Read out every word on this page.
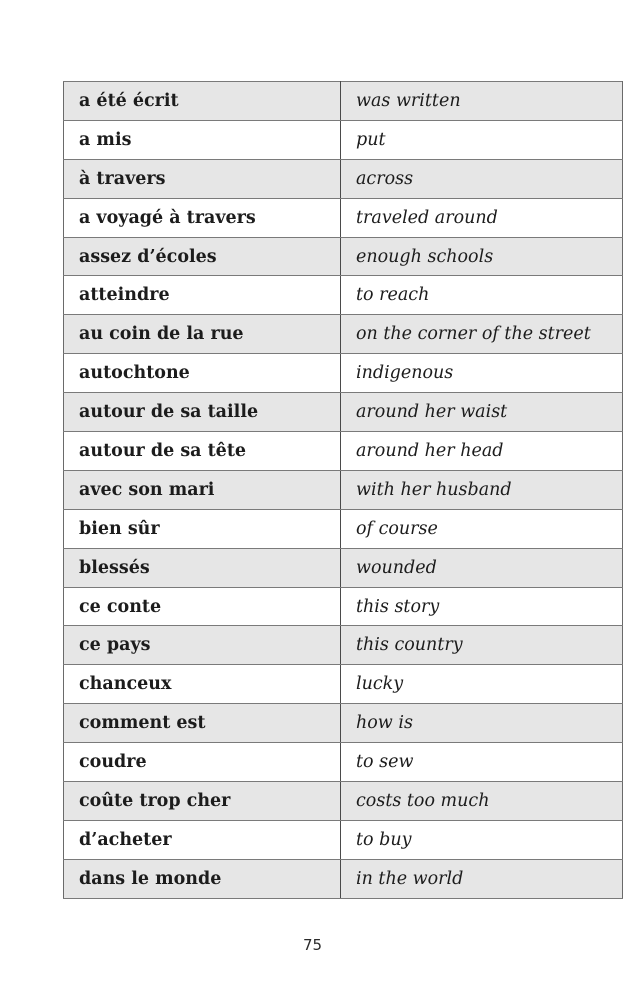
a été écrit	was written
a mis	put
à travers	across
a voyagé à travers	traveled around
assez d’écoles	enough schools
atteindre	to reach
au coin de la rue	on the corner of the street
autochtone	indigenous
autour de sa taille	around her waist
autour de sa tête	around her head
avec son mari	with her husband
bien sûr	of course
blessés	wounded
ce conte	this story
ce pays	this country
chanceux	lucky
comment est	how is
coudre	to sew
coûte trop cher	costs too much
d’acheter	to buy
dans le monde	in the world
75
